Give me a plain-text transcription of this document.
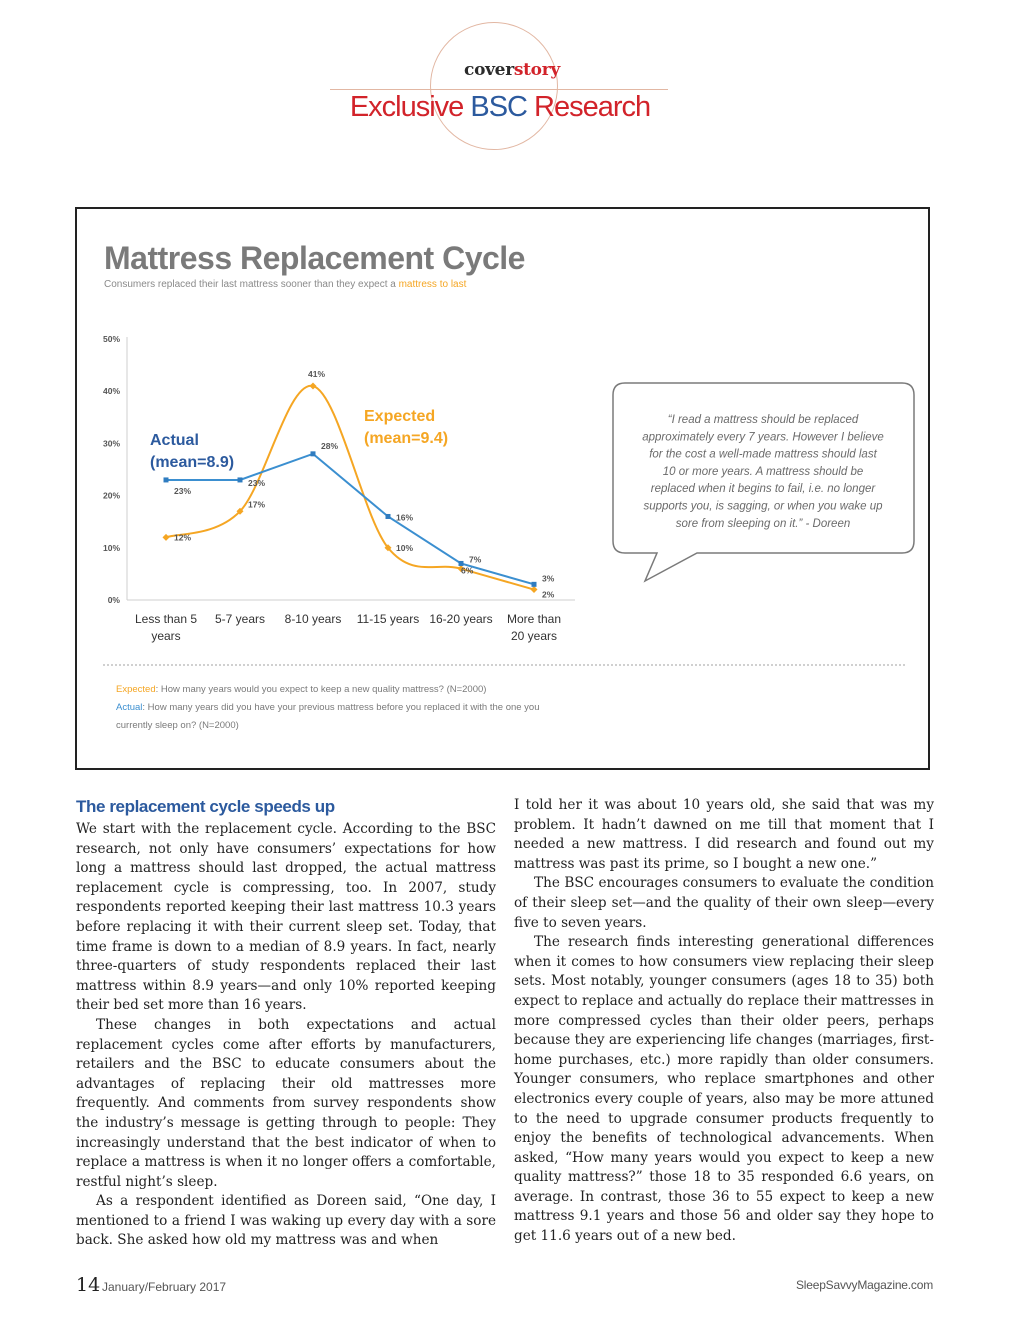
coverstory
Exclusive BSC Research
Mattress Replacement Cycle
Consumers replaced their last mattress sooner than they expect a mattress to last
0%
10%
20%
30%
40%
50%
Less than 5
years
5-7 years 8-10 years 11-15 years 16-20 years More than
20 years
12%
17%
41%
10%
6%
2%
23%
23%
28%
16%
7%
3%
Actual
(mean=8.9)
Expected
(mean=9.4)
“I read a mattress should be replaced
approximately every 7 years. However I believe
for the cost a well-made mattress should last
10 or more years. A mattress should be
replaced when it begins to fail, i.e. no longer
supports you, is sagging, or when you wake up
sore from sleeping on it.” - Doreen
Expected: How many years would you expect to keep a new quality mattress? (N=2000)
Actual: How many years did you have your previous mattress before you replaced it with the one you
currently sleep on? (N=2000)
The replacement cycle speeds up

We start with the replacement cycle. According to the BSC research, not only have consumers’ expectations for how long a mattress should last dropped, the actual mattress replacement cycle is compressing, too. In 2007, study respondents reported keeping their last mattress 10.3 years before replacing it with their current sleep set. Today, that time frame is down to a median of 8.9 years. In fact, nearly three-quarters of study respondents replaced their last mattress within 8.9 years—and only 10% reported keeping their bed set more than 16 years.

These changes in both expectations and actual replacement cycles come after efforts by manufacturers, retailers and the BSC to educate consumers about the advantages of replacing their old mattresses more frequently. And comments from survey respondents show the industry’s message is getting through to people: They increasingly understand that the best indicator of when to replace a mattress is when it no longer offers a comfortable, restful night’s sleep.

As a respondent identified as Doreen said, “One day, I mentioned to a friend I was waking up every day with a sore back. She asked how old my mattress was and when

I told her it was about 10 years old, she said that was my problem. It hadn’t dawned on me till that moment that I needed a new mattress. I did research and found out my mattress was past its prime, so I bought a new one.”

The BSC encourages consumers to evaluate the condition of their sleep set—and the quality of their own sleep—every five to seven years.

The research finds interesting generational differences when it comes to how consumers view replacing their sleep sets. Most notably, younger consumers (ages 18 to 35) both expect to replace and actually do replace their mattresses in more compressed cycles than their older peers, perhaps because they are experiencing life changes (marriages, first-home purchases, etc.) more rapidly than older consumers. Younger consumers, who replace smartphones and other electronics every couple of years, also may be more attuned to the need to upgrade consumer products frequently to enjoy the benefits of technological advancements. When asked, “How many years would you expect to keep a new quality mattress?” those 18 to 35 responded 6.6 years, on average. In contrast, those 36 to 55 expect to keep a new mattress 9.1 years and those 56 and older say they hope to get 11.6 years out of a new bed.

14 January/February 2017	SleepSavvyMagazine.com
